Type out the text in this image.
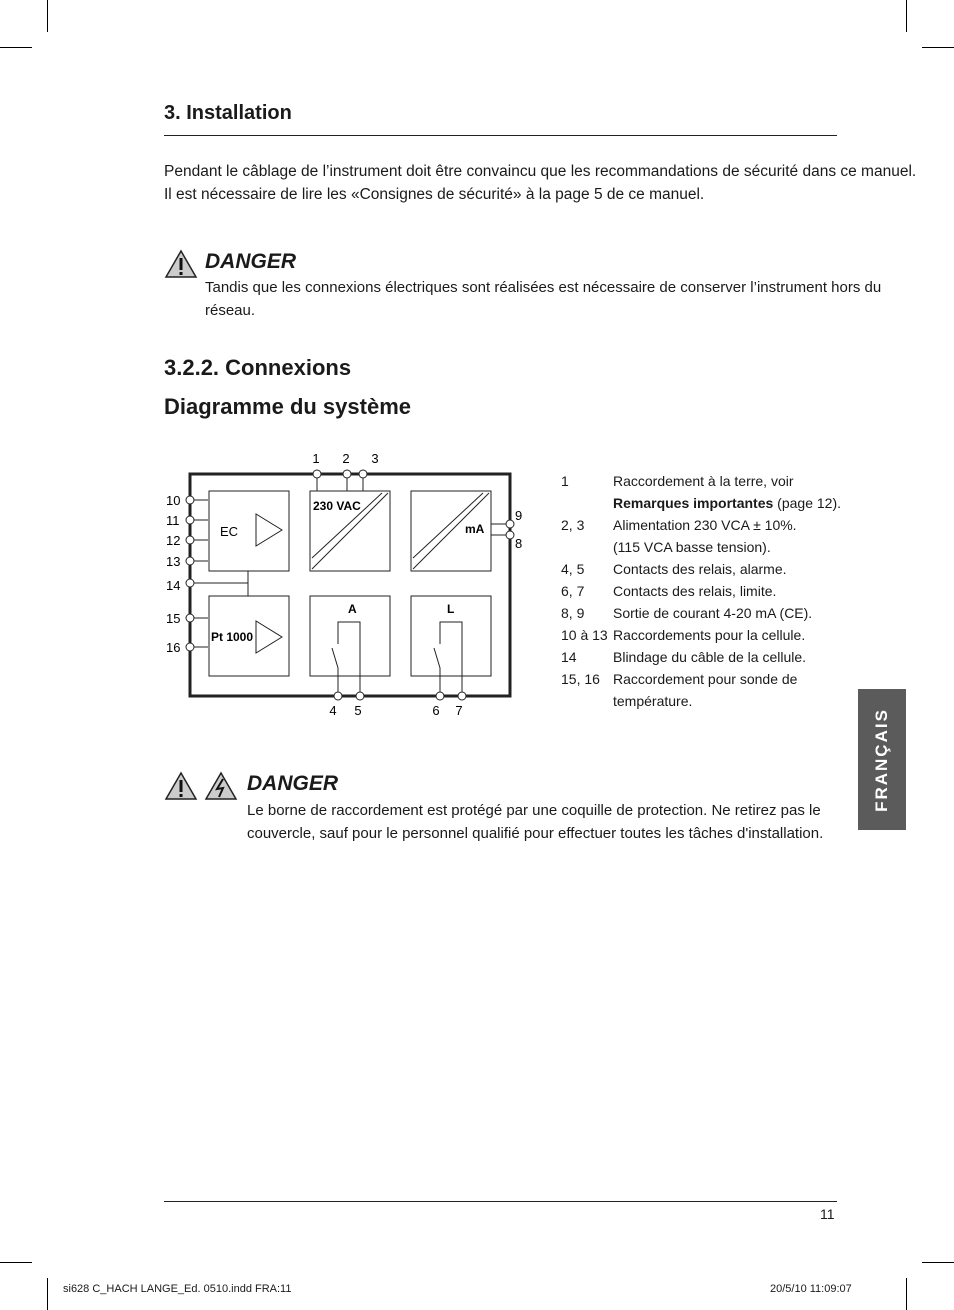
3. Installation

Pendant le câblage de l’instrument doit être convaincu que les recommandations de sécurité dans ce manuel.

Il est nécessaire de lire les «Consignes de sécurité» à la page 5 de ce manuel.

DANGER

Tandis que les connexions électriques sont réalisées est nécessaire de conserver l’instrument hors du

réseau.

3.2.2. Connexions
Diagramme du système
1 2 3
10
11
12
13
14
15
16
EC
Pt 1000
230 VAC
mA
9
8
A	L
4 5	6 7
1	Raccordement à la terre, voir
Remarques importantes (page 12).
2, 3	Alimentation 230 VCA ± 10%.
(115 VCA basse tension).
4, 5	Contacts des relais, alarme.
6, 7	Contacts des relais, limite.
8, 9	Sortie de courant 4-20 mA (CE).
10 à 13 Raccordements pour la cellule.
14	Blindage du câble de la cellule.
15, 16 Raccordement pour sonde de
température.
FRANÇAIS
DANGER

Le borne de raccordement est protégé par une coquille de protection. Ne retirez pas le

couvercle, sauf pour le personnel qualifié pour effectuer toutes les tâches d'installation.

11
si628 C_HACH LANGE_Ed. 0510.indd FRA:11	20/5/10 11:09:07
